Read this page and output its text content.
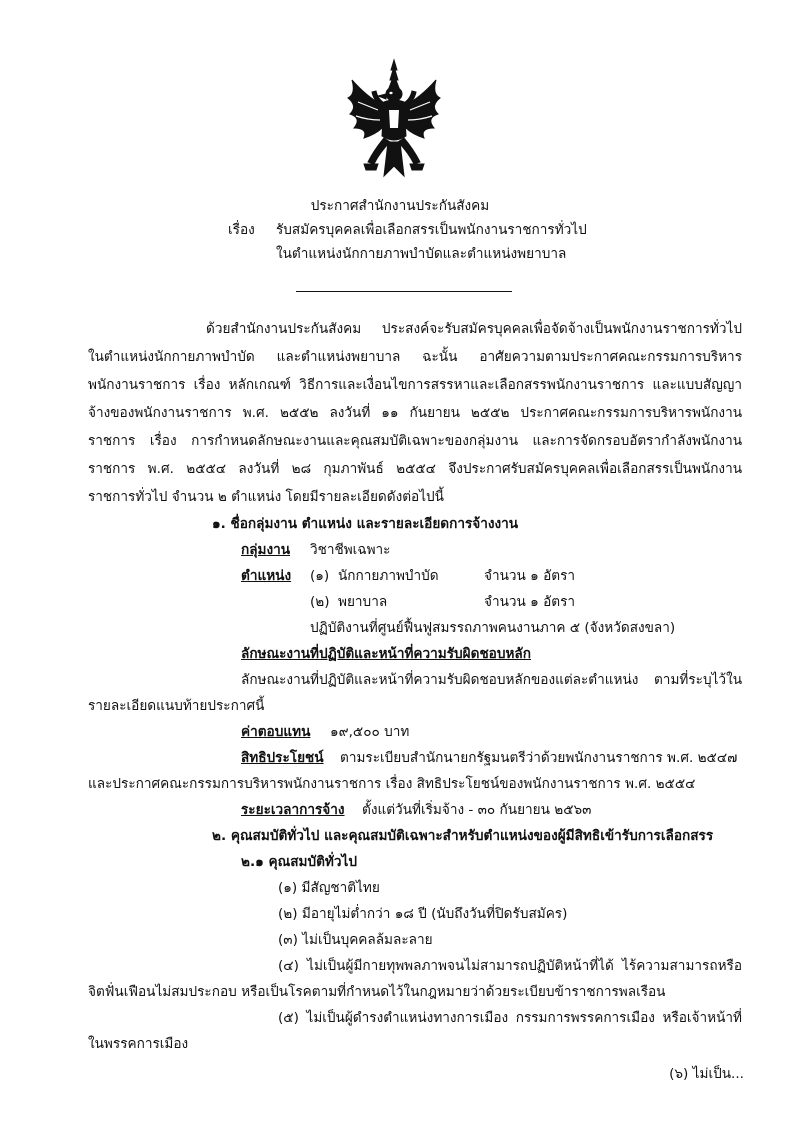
ประกาศสำนักงานประกันสังคม
เรื่อง รับสมัครบุคคลเพื่อเลือกสรรเป็นพนักงานราชการทั่วไป
ในตำแหน่งนักกายภาพบำบัดและตำแหน่งพยาบาล
ด้วยสำนักงานประกันสังคม ประสงค์จะรับสมัครบุคคลเพื่อจัดจ้างเป็นพนักงานราชการทั่วไป
ในตำแหน่งนักกายภาพบำบัด และตำแหน่งพยาบาล ฉะนั้น อาศัยความตามประกาศคณะกรรมการบริหาร
พนักงานราชการ เรื่อง หลักเกณฑ์ วิธีการและเงื่อนไขการสรรหาและเลือกสรรพนักงานราชการ และแบบสัญญา
จ้างของพนักงานราชการ พ.ศ. ๒๕๕๒ ลงวันที่ ๑๑ กันยายน ๒๕๕๒ ประกาศคณะกรรมการบริหารพนักงาน
ราชการ เรื่อง การกำหนดลักษณะงานและคุณสมบัติเฉพาะของกลุ่มงาน และการจัดกรอบอัตรากำลังพนักงาน
ราชการ พ.ศ. ๒๕๕๔ ลงวันที่ ๒๘ กุมภาพันธ์ ๒๕๕๔ จึงประกาศรับสมัครบุคคลเพื่อเลือกสรรเป็นพนักงาน
ราชการทั่วไป จำนวน ๒ ตำแหน่ง โดยมีรายละเอียดดังต่อไปนี้
๑. ชื่อกลุ่มงาน ตำแหน่ง และรายละเอียดการจ้างงาน
กลุ่มงาน วิชาชีพเฉพาะ
ตำแหน่ง (๑) นักกายภาพบำบัด	จำนวน ๑ อัตรา
(๒) พยาบาล	จำนวน ๑ อัตรา
ปฏิบัติงานที่ศูนย์ฟื้นฟูสมรรถภาพคนงานภาค ๕ (จังหวัดสงขลา)
ลักษณะงานที่ปฏิบัติและหน้าที่ความรับผิดชอบหลัก
ลักษณะงานที่ปฏิบัติและหน้าที่ความรับผิดชอบหลักของแต่ละตำแหน่ง ตามที่ระบุไว้ใน
รายละเอียดแนบท้ายประกาศนี้
ค่าตอบแทน ๑๙,๕๐๐ บาท
สิทธิประโยชน์ ตามระเบียบสำนักนายกรัฐมนตรีว่าด้วยพนักงานราชการ พ.ศ. ๒๕๔๗
และประกาศคณะกรรมการบริหารพนักงานราชการ เรื่อง สิทธิประโยชน์ของพนักงานราชการ พ.ศ. ๒๕๕๔
ระยะเวลาการจ้าง ตั้งแต่วันที่เริ่มจ้าง - ๓๐ กันยายน ๒๕๖๓
๒. คุณสมบัติทั่วไป และคุณสมบัติเฉพาะสำหรับตำแหน่งของผู้มีสิทธิเข้ารับการเลือกสรร
๒.๑ คุณสมบัติทั่วไป
(๑) มีสัญชาติไทย
(๒) มีอายุไม่ต่ำกว่า ๑๘ ปี (นับถึงวันที่ปิดรับสมัคร)
(๓) ไม่เป็นบุคคลล้มละลาย
(๔) ไม่เป็นผู้มีกายทุพพลภาพจนไม่สามารถปฏิบัติหน้าที่ได้ ไร้ความสามารถหรือ
จิตฟั่นเฟือนไม่สมประกอบ หรือเป็นโรคตามที่กำหนดไว้ในกฎหมายว่าด้วยระเบียบข้าราชการพลเรือน
(๕) ไม่เป็นผู้ดำรงตำแหน่งทางการเมือง กรรมการพรรคการเมือง หรือเจ้าหน้าที่
ในพรรคการเมือง
(๖) ไม่เป็น...
